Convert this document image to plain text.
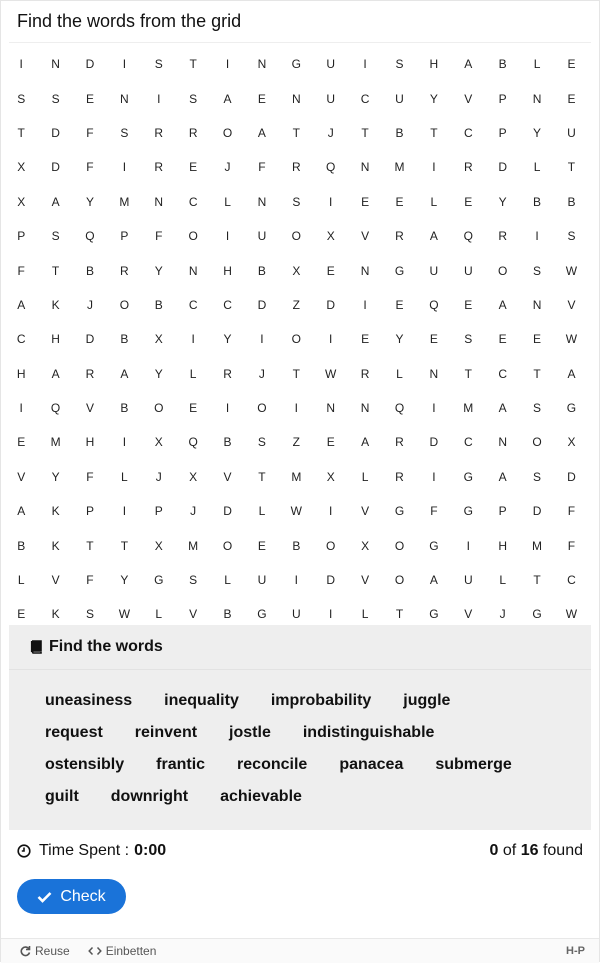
Find the words from the grid
I	N	D	I	S	T	I	N	G	U	I	S	H	A	B	L	E
S	S	E	N	I	S	A	E	N	U	C	U	Y	V	P	N	E
T	D	F	S	R	R	O	A	T	J	T	B	T	C	P	Y	U
X	D	F	I	R	E	J	F	R	Q	N	M	I	R	D	L	T
X	A	Y	M	N	C	L	N	S	I	E	E	L	E	Y	B	B
P	S	Q	P	F	O	I	U	O	X	V	R	A	Q	R	I	S
F	T	B	R	Y	N	H	B	X	E	N	G	U	U	O	S	W
A	K	J	O	B	C	C	D	Z	D	I	E	Q	E	A	N	V
C	H	D	B	X	I	Y	I	O	I	E	Y	E	S	E	E	W
H	A	R	A	Y	L	R	J	T	W	R	L	N	T	C	T	A
I	Q	V	B	O	E	I	O	I	N	N	Q	I	M	A	S	G
E	M	H	I	X	Q	B	S	Z	E	A	R	D	C	N	O	X
V	Y	F	L	J	X	V	T	M	X	L	R	I	G	A	S	D
A	K	P	I	P	J	D	L	W	I	V	G	F	G	P	D	F
B	K	T	T	X	M	O	E	B	O	X	O	G	I	H	M	F
L	V	F	Y	G	S	L	U	I	D	V	O	A	U	L	T	C
E	K	S	W	L	V	B	G	U	I	L	T	G	V	J	G	W
Find the words
uneasiness inequality improbability juggle
request reinvent jostle indistinguishable
ostensibly frantic reconcile panacea submerge
guilt downright achievable
Time Spent : 0:00	0 of 16 found
Check
Reuse	Einbetten	H-P
